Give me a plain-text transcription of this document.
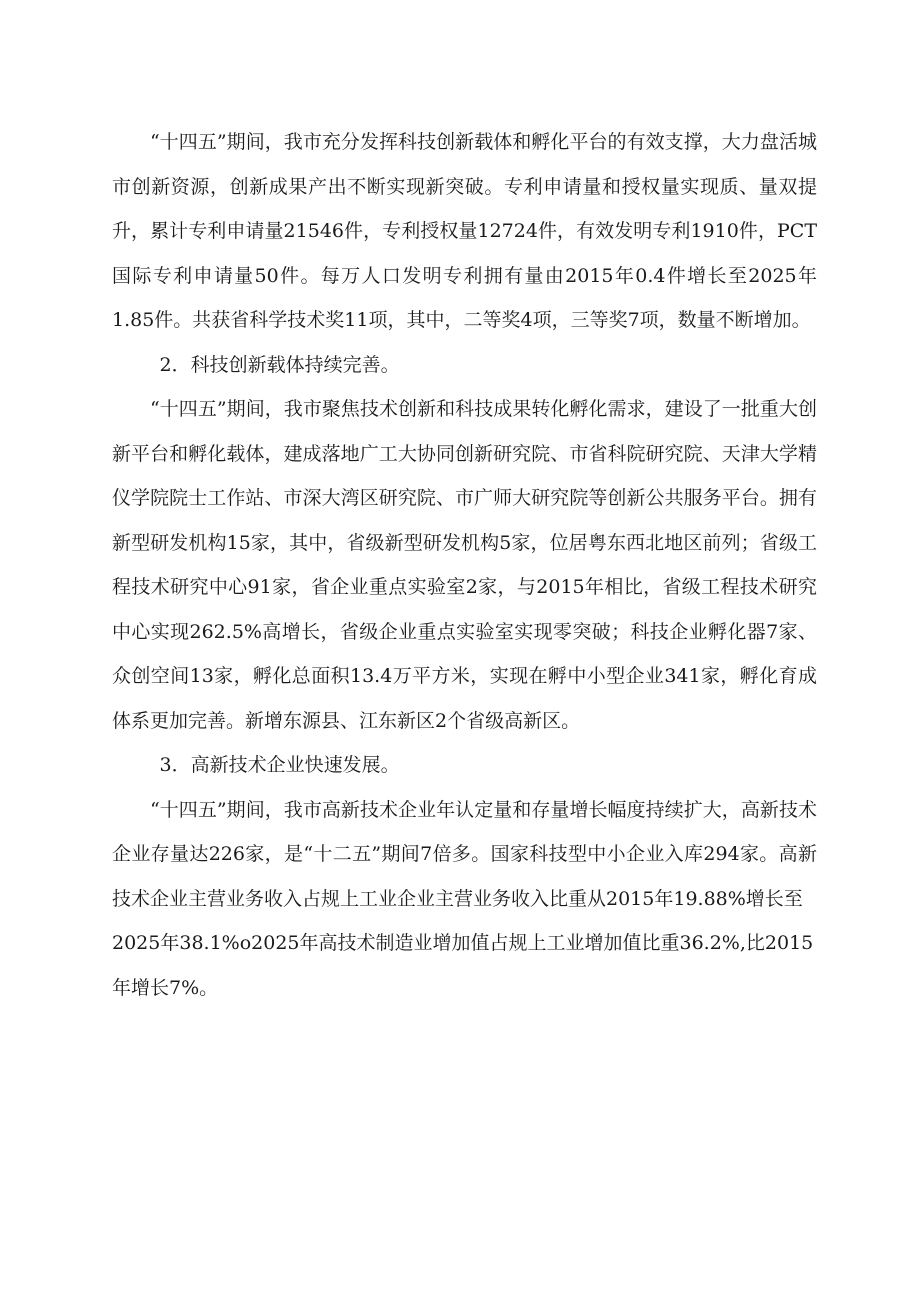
“十四五”期间，我市充分发挥科技创新载体和孵化平台的有效支撑，大力盘活城市创新资源，创新成果产出不断实现新突破。专利申请量和授权量实现质、量双提升，累计专利申请量21546件，专利授权量12724件，有效发明专利1910件，PCT国际专利申请量50件。每万人口发明专利拥有量由2015年0.4件增长至2025年1.85件。共获省科学技术奖11项，其中，二等奖4项，三等奖7项，数量不断增加。

2．科技创新载体持续完善。

“十四五”期间，我市聚焦技术创新和科技成果转化孵化需求，建设了一批重大创新平台和孵化载体，建成落地广工大协同创新研究院、市省科院研究院、天津大学精仪学院院士工作站、市深大湾区研究院、市广师大研究院等创新公共服务平台。拥有新型研发机构15家，其中，省级新型研发机构5家，位居粤东西北地区前列；省级工程技术研究中心91家，省企业重点实验室2家，与2015年相比，省级工程技术研究中心实现262.5%高增长，省级企业重点实验室实现零突破；科技企业孵化器7家、众创空间13家，孵化总面积13.4万平方米，实现在孵中小型企业341家，孵化育成体系更加完善。新增东源县、江东新区2个省级高新区。

3．高新技术企业快速发展。

“十四五”期间，我市高新技术企业年认定量和存量增长幅度持续扩大，高新技术企业存量达226家，是“十二五”期间7倍多。国家科技型中小企业入库294家。高新技术企业主营业务收入占规上工业企业主营业务收入比重从2015年19.88%增长至

2025年38.1%o2025年高技术制造业增加值占规上工业增加值比重36.2%,比2015年增长7%。
